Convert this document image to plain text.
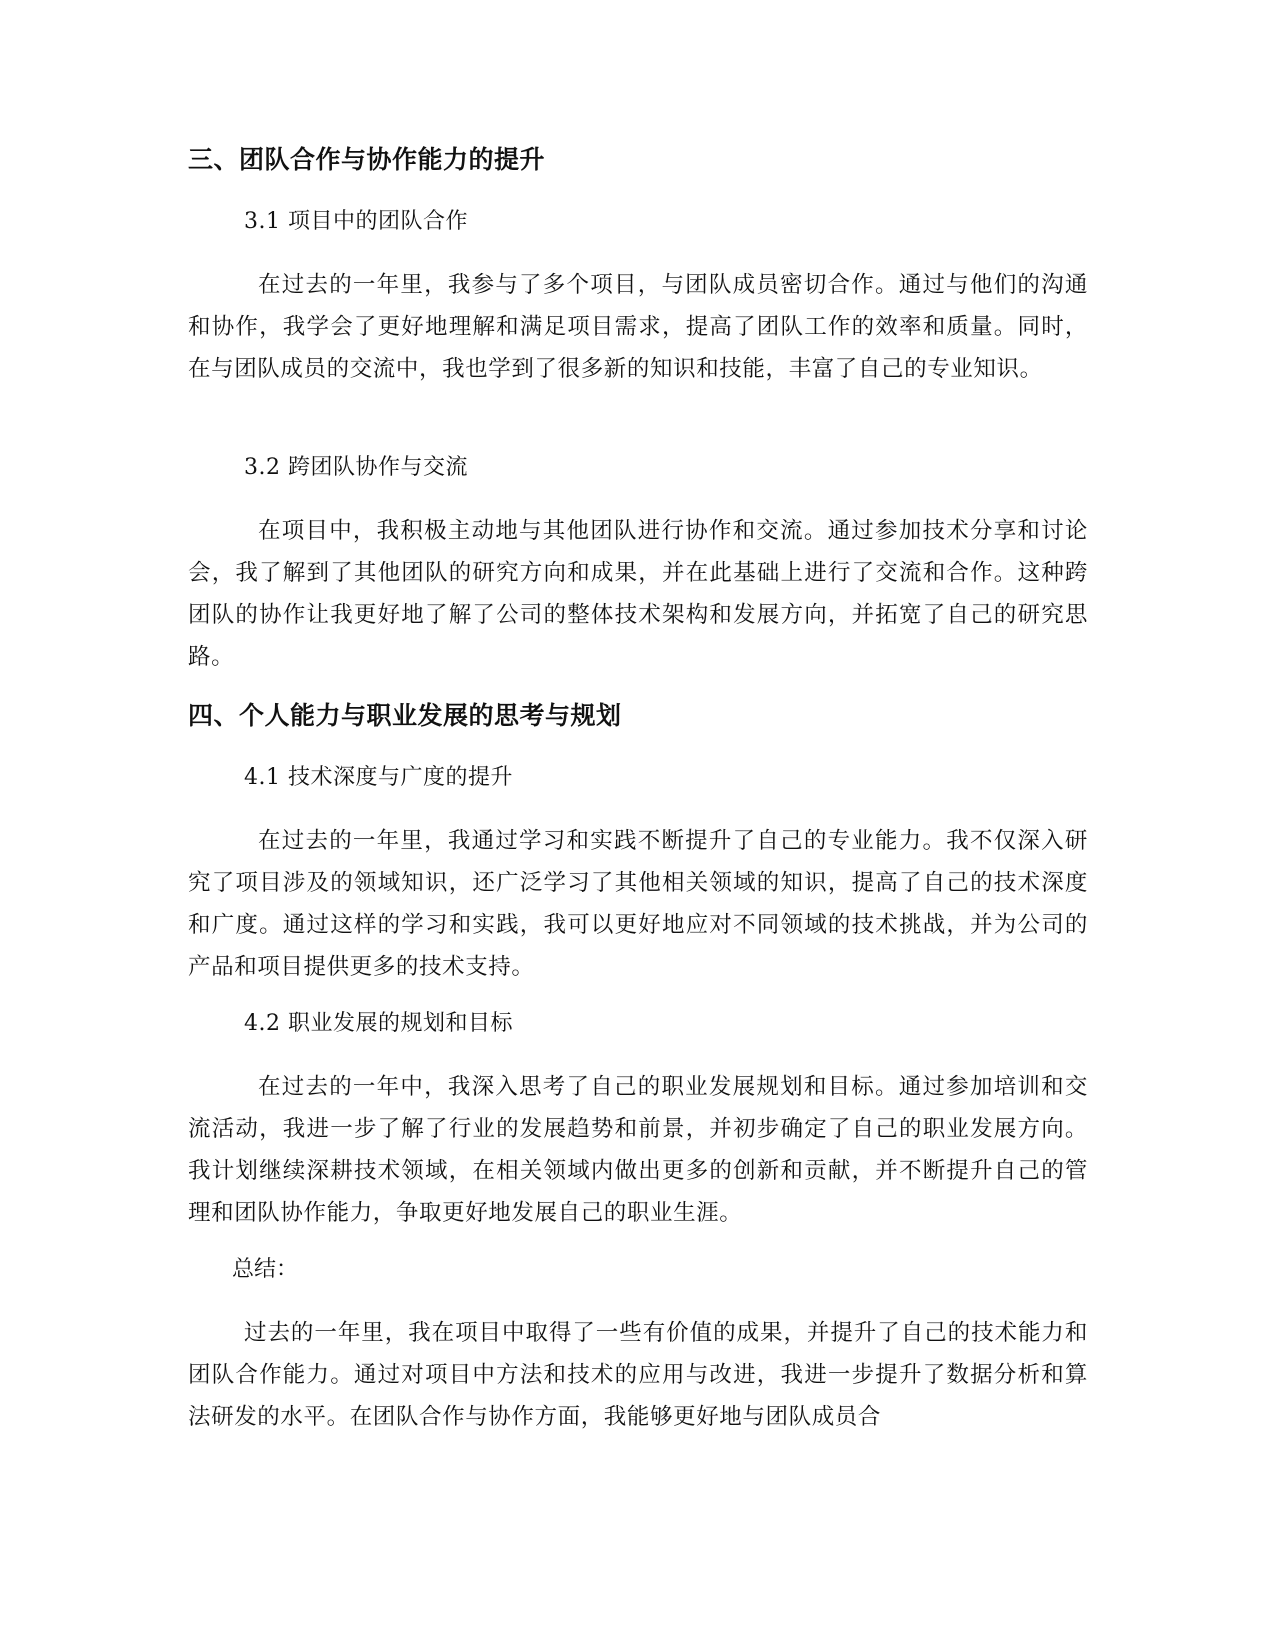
三、团队合作与协作能力的提升
3.1 项目中的团队合作

在过去的一年里，我参与了多个项目，与团队成员密切合作。通过与他们的沟通和协作，我学会了更好地理解和满足项目需求，提高了团队工作的效率和质量。同时，在与团队成员的交流中，我也学到了很多新的知识和技能，丰富了自己的专业知识。

3.2 跨团队协作与交流

在项目中，我积极主动地与其他团队进行协作和交流。通过参加技术分享和讨论会，我了解到了其他团队的研究方向和成果，并在此基础上进行了交流和合作。这种跨团队的协作让我更好地了解了公司的整体技术架构和发展方向，并拓宽了自己的研究思路。

四、个人能力与职业发展的思考与规划
4.1 技术深度与广度的提升

在过去的一年里，我通过学习和实践不断提升了自己的专业能力。我不仅深入研究了项目涉及的领域知识，还广泛学习了其他相关领域的知识，提高了自己的技术深度和广度。通过这样的学习和实践，我可以更好地应对不同领域的技术挑战，并为公司的产品和项目提供更多的技术支持。

4.2 职业发展的规划和目标

在过去的一年中，我深入思考了自己的职业发展规划和目标。通过参加培训和交流活动，我进一步了解了行业的发展趋势和前景，并初步确定了自己的职业发展方向。我计划继续深耕技术领域，在相关领域内做出更多的创新和贡献，并不断提升自己的管理和团队协作能力，争取更好地发展自己的职业生涯。

总结：

过去的一年里，我在项目中取得了一些有价值的成果，并提升了自己的技术能力和团队合作能力。通过对项目中方法和技术的应用与改进，我进一步提升了数据分析和算法研发的水平。在团队合作与协作方面，我能够更好地与团队成员合
